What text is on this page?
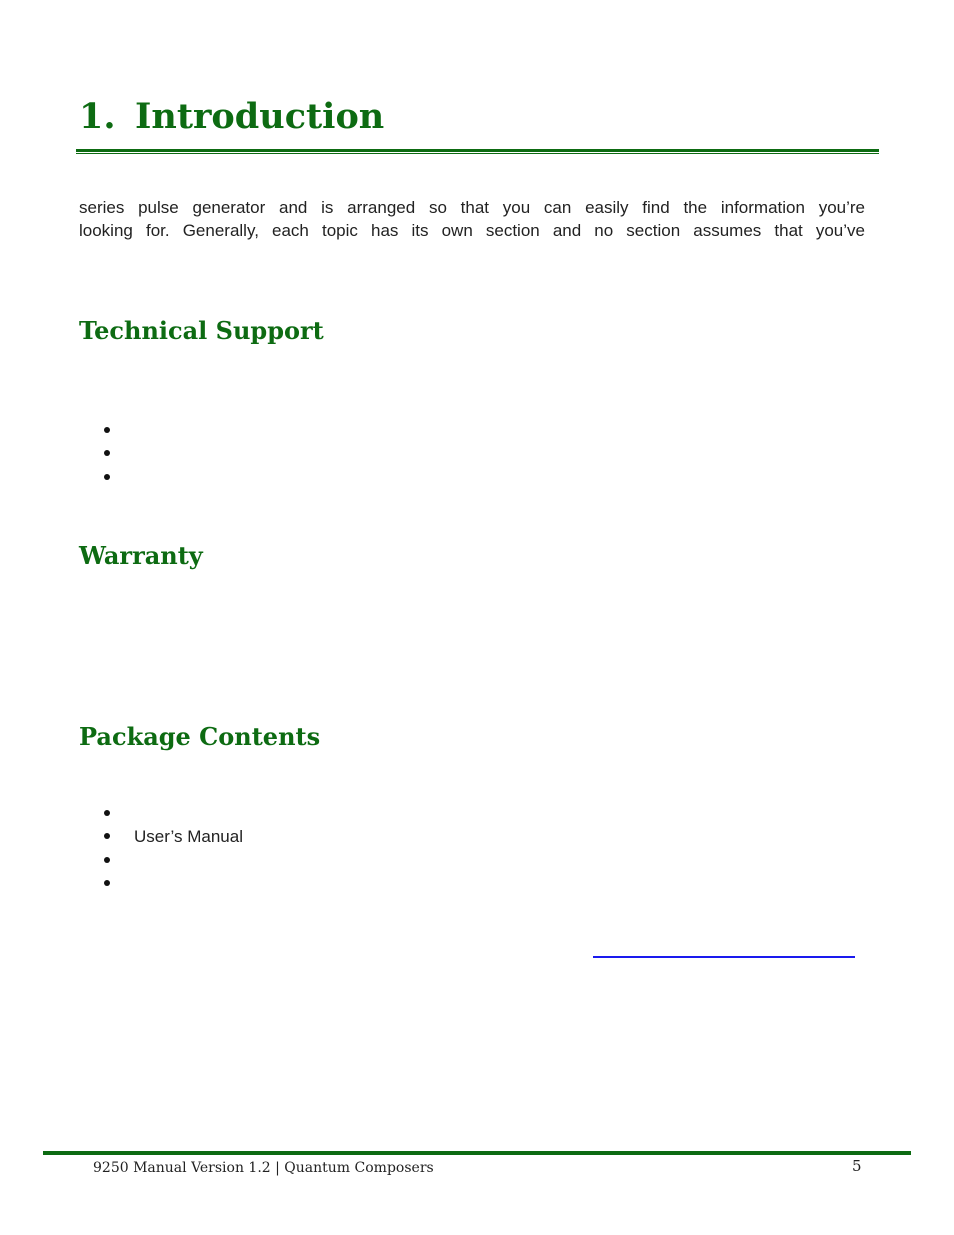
1. Introduction

series pulse generator and is arranged so that you can easily find the information you’re
looking for. Generally, each topic has its own section and no section assumes that you’ve

Technical Support
Warranty
Package Contents
User’s Manual
9250 Manual Version 1.2 | Quantum Composers	5
